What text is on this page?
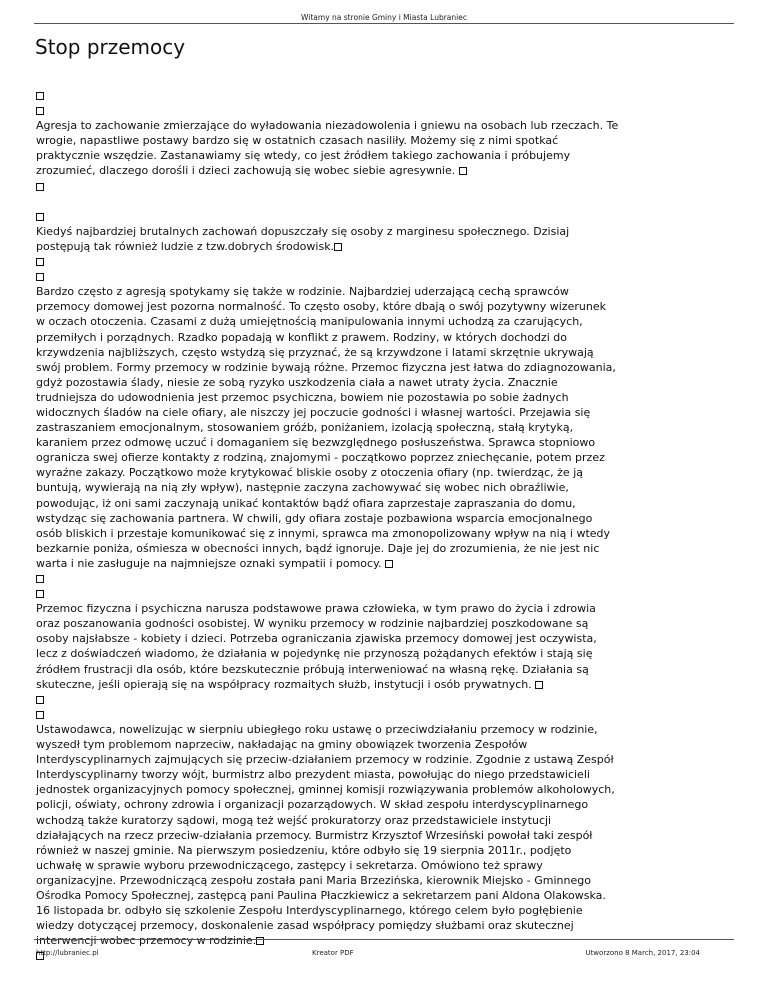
Witamy na stronie Gminy i Miasta Lubraniec
Stop przemocy
Agresja to zachowanie zmierzające do wyładowania niezadowolenia i gniewu na osobach lub rzeczach. Te
wrogie, napastliwe postawy bardzo się w ostatnich czasach nasiliły. Możemy się z nimi spotkać
praktycznie wszędzie. Zastanawiamy się wtedy, co jest źródłem takiego zachowania i próbujemy
zrozumieć, dlaczego dorośli i dzieci zachowują się wobec siebie agresywnie.
Kiedyś najbardziej brutalnych zachowań dopuszczały się osoby z marginesu społecznego. Dzisiaj
postępują tak również ludzie z tzw.dobrych środowisk.
Bardzo często z agresją spotykamy się także w rodzinie. Najbardziej uderzającą cechą sprawców
przemocy domowej jest pozorna normalność. To często osoby, które dbają o swój pozytywny wizerunek
w oczach otoczenia. Czasami z dużą umiejętnością manipulowania innymi uchodzą za czarujących,
przemiłych i porządnych. Rzadko popadają w konflikt z prawem. Rodziny, w których dochodzi do
krzywdzenia najbliższych, często wstydzą się przyznać, że są krzywdzone i latami skrzętnie ukrywają
swój problem. Formy przemocy w rodzinie bywają różne. Przemoc fizyczna jest łatwa do zdiagnozowania,
gdyż pozostawia ślady, niesie ze sobą ryzyko uszkodzenia ciała a nawet utraty życia. Znacznie
trudniejsza do udowodnienia jest przemoc psychiczna, bowiem nie pozostawia po sobie żadnych
widocznych śladów na ciele ofiary, ale niszczy jej poczucie godności i własnej wartości. Przejawia się
zastraszaniem emocjonalnym, stosowaniem gróźb, poniżaniem, izolacją społeczną, stałą krytyką,
karaniem przez odmowę uczuć i domaganiem się bezwzględnego posłuszeństwa. Sprawca stopniowo
ogranicza swej ofierze kontakty z rodziną, znajomymi - początkowo poprzez zniechęcanie, potem przez
wyraźne zakazy. Początkowo może krytykować bliskie osoby z otoczenia ofiary (np. twierdząc, że ją
buntują, wywierają na nią zły wpływ), następnie zaczyna zachowywać się wobec nich obraźliwie,
powodując, iż oni sami zaczynają unikać kontaktów bądź ofiara zaprzestaje zapraszania do domu,
wstydząc się zachowania partnera. W chwili, gdy ofiara zostaje pozbawiona wsparcia emocjonalnego
osób bliskich i przestaje komunikować się z innymi, sprawca ma zmonopolizowany wpływ na nią i wtedy
bezkarnie poniża, ośmiesza w obecności innych, bądź ignoruje. Daje jej do zrozumienia, że nie jest nic
warta i nie zasługuje na najmniejsze oznaki sympatii i pomocy.
Przemoc fizyczna i psychiczna narusza podstawowe prawa człowieka, w tym prawo do życia i zdrowia
oraz poszanowania godności osobistej. W wyniku przemocy w rodzinie najbardziej poszkodowane są
osoby najsłabsze - kobiety i dzieci. Potrzeba ograniczania zjawiska przemocy domowej jest oczywista,
lecz z doświadczeń wiadomo, że działania w pojedynkę nie przynoszą pożądanych efektów i stają się
źródłem frustracji dla osób, które bezskutecznie próbują interweniować na własną rękę. Działania są
skuteczne, jeśli opierają się na współpracy rozmaitych służb, instytucji i osób prywatnych.
Ustawodawca, nowelizując w sierpniu ubiegłego roku ustawę o przeciwdziałaniu przemocy w rodzinie,
wyszedł tym problemom naprzeciw, nakładając na gminy obowiązek tworzenia Zespołów
Interdyscyplinarnych zajmujących się przeciw-działaniem przemocy w rodzinie. Zgodnie z ustawą Zespół
Interdyscyplinarny tworzy wójt, burmistrz albo prezydent miasta, powołując do niego przedstawicieli
jednostek organizacyjnych pomocy społecznej, gminnej komisji rozwiązywania problemów alkoholowych,
policji, oświaty, ochrony zdrowia i organizacji pozarządowych. W skład zespołu interdyscyplinarnego
wchodzą także kuratorzy sądowi, mogą też wejść prokuratorzy oraz przedstawiciele instytucji
działających na rzecz przeciw-działania przemocy. Burmistrz Krzysztof Wrzesiński powołał taki zespół
również w naszej gminie. Na pierwszym posiedzeniu, które odbyło się 19 sierpnia 2011r., podjęto
uchwałę w sprawie wyboru przewodniczącego, zastępcy i sekretarza. Omówiono też sprawy
organizacyjne. Przewodniczącą zespołu została pani Maria Brzezińska, kierownik Miejsko - Gminnego
Ośrodka Pomocy Społecznej, zastępcą pani Paulina Płaczkiewicz a sekretarzem pani Aldona Olakowska.
16 listopada br. odbyło się szkolenie Zespołu Interdyscyplinarnego, którego celem było pogłębienie
wiedzy dotyczącej przemocy, doskonalenie zasad współpracy pomiędzy służbami oraz skutecznej
interwencji wobec przemocy w rodzinie.
http://lubraniec.pl	Kreator PDF	Utworzono 8 March, 2017, 23:04
